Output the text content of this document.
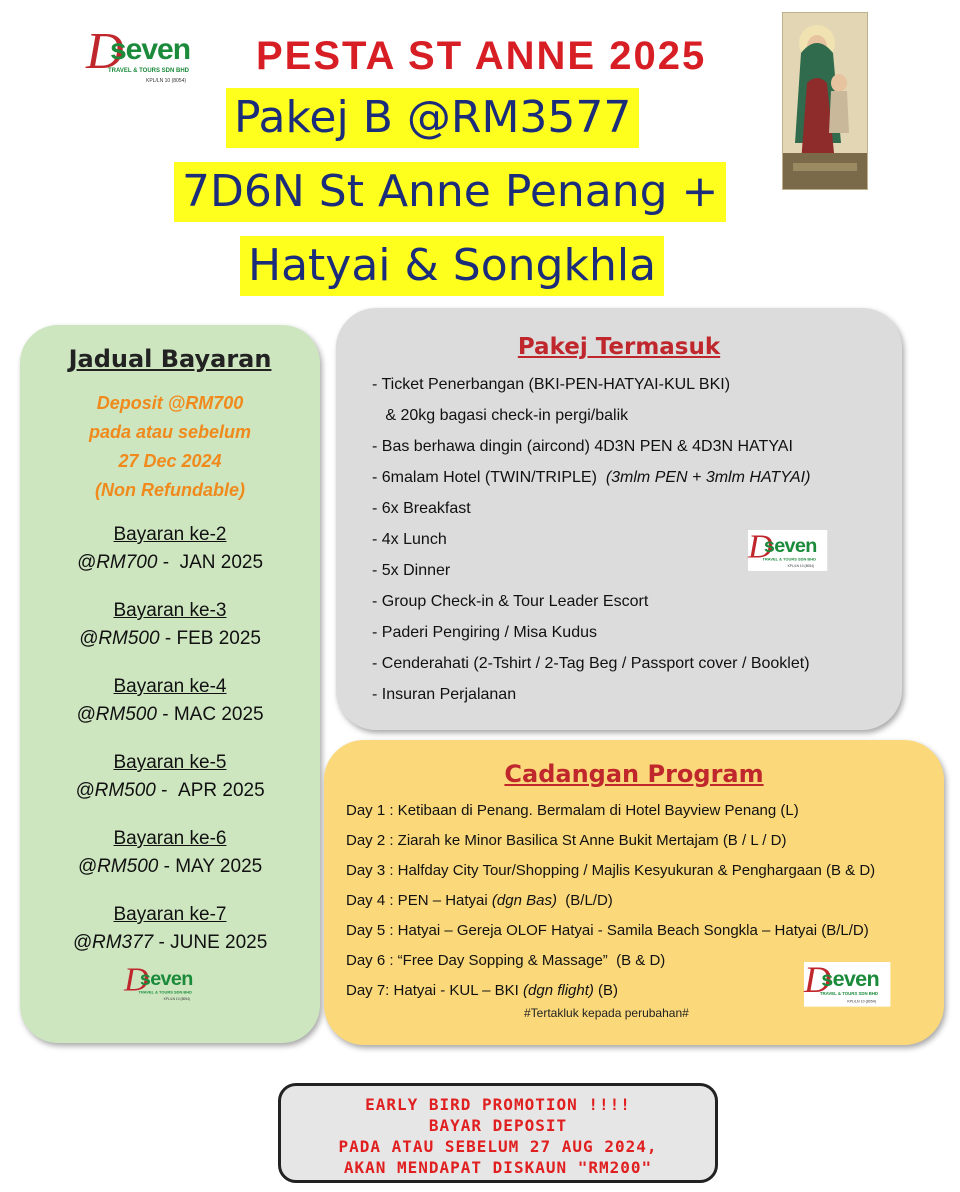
D
seven
TRAVEL & TOURS SDN BHD
KPL/LN 10 (8054)
PESTA ST ANNE 2025
Pakej B @RM3577
7D6N St Anne Penang +
Hatyai & Songkhla
Jadual Bayaran
Deposit @RM700
pada atau sebelum
27 Dec 2024
(Non Refundable)
Bayaran ke-2
@RM700 -  JAN 2025
Bayaran ke-3
@RM500 - FEB 2025
Bayaran ke-4
@RM500 - MAC 2025
Bayaran ke-5
@RM500 -  APR 2025
Bayaran ke-6
@RM500 - MAY 2025
Bayaran ke-7
@RM377 - JUNE 2025
D
seven
TRAVEL & TOURS SDN BHD
KPL/LN 10 (8054)
Pakej Termasuk
- Ticket Penerbangan (BKI-PEN-HATYAI-KUL BKI)
& 20kg bagasi check-in pergi/balik
- Bas berhawa dingin (aircond) 4D3N PEN & 4D3N HATYAI
- 6malam Hotel (TWIN/TRIPLE) (3mlm PEN + 3mlm HATYAI)
- 6x Breakfast
- 4x Lunch
- 5x Dinner
- Group Check-in & Tour Leader Escort
- Paderi Pengiring / Misa Kudus
- Cenderahati (2-Tshirt / 2-Tag Beg / Passport cover / Booklet)
- Insuran Perjalanan
D
seven
TRAVEL & TOURS SDN BHD
KPL/LN 10 (8054)
Cadangan Program
Day 1 : Ketibaan di Penang. Bermalam di Hotel Bayview Penang (L)
Day 2 : Ziarah ke Minor Basilica St Anne Bukit Mertajam (B / L / D)
Day 3 : Halfday City Tour/Shopping / Majlis Kesyukuran & Penghargaan (B & D)
Day 4 : PEN – Hatyai (dgn Bas)  (B/L/D)
Day 5 : Hatyai – Gereja OLOF Hatyai - Samila Beach Songkla – Hatyai (B/L/D)
Day 6 : “Free Day Sopping & Massage”  (B & D)
Day 7: Hatyai - KUL – BKI (dgn flight) (B)
#Tertakluk kepada perubahan#
D
seven
TRAVEL & TOURS SDN BHD
KPL/LN 10 (8054)
EARLY BIRD PROMOTION !!!!
BAYAR DEPOSIT
PADA ATAU SEBELUM 27 AUG 2024,
AKAN MENDAPAT DISKAUN "RM200"
